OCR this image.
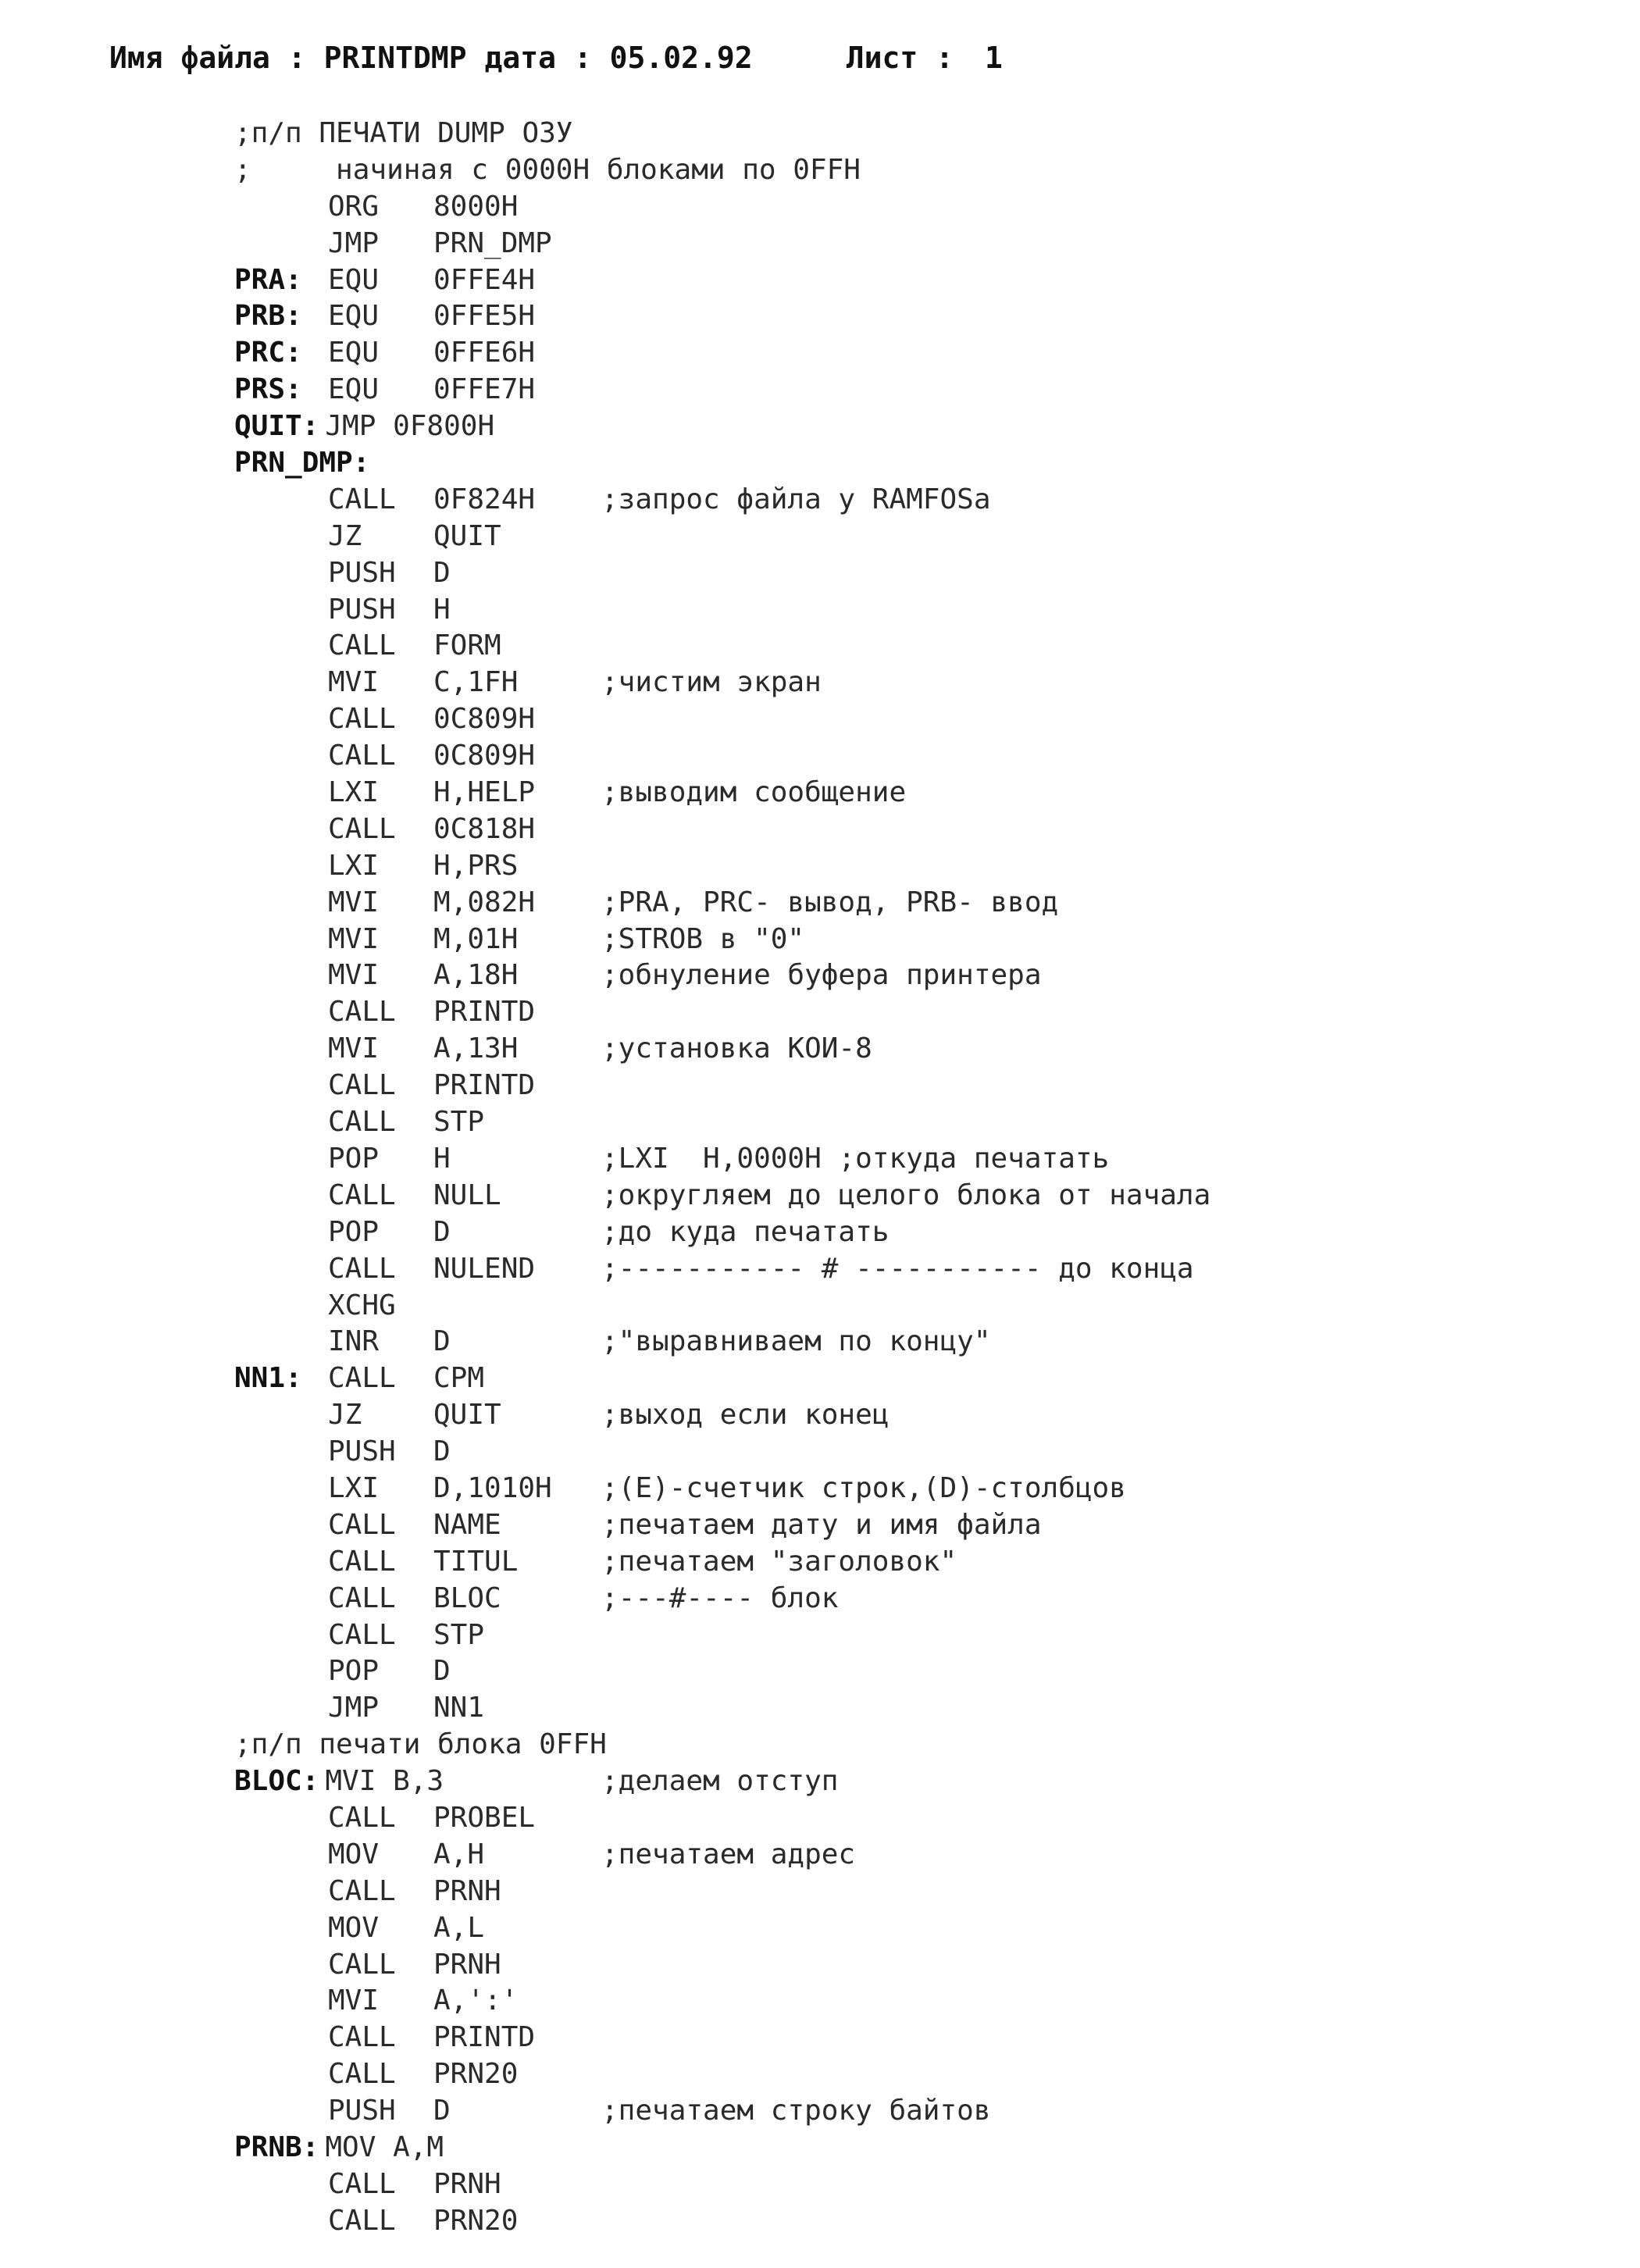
Имя файла :
PRINTDMP
дата :
05.02.92	Лист : 1
;п/п ПЕЧАТИ DUMP ОЗУ
;     начиная с 0000H блоками по 0FFH
ORG 8000H
JMP PRN_DMP
PRA: EQU 0FFE4H
PRB: EQU 0FFE5H
PRC: EQU 0FFE6H
PRS: EQU 0FFE7H
QUIT: JMP 0F800H
PRN_DMP:
CALL 0F824H ;запрос файла у RAMFOSа
JZ	QUIT
PUSH D
PUSH H
CALL FORM
MVI C,1FH	;чистим экран
CALL 0C809H
CALL 0C809H
LXI H,HELP ;выводим сообщение
CALL 0C818H
LXI H,PRS
MVI M,082H ;PRA, PRC- вывод, PRB- ввод
MVI M,01H	;STROB в "0"
MVI A,18H	;обнуление буфера принтера
CALL PRINTD
MVI A,13H	;установка КОИ-8
CALL PRINTD
CALL STP
POP H	;LXI  H,0000H ;откуда печатать
CALL NULL	;округляем до целого блока от начала
POP D	;до куда печатать
CALL NULEND ;----------- # ----------- до конца
XCHG
INR D	;"выравниваем по концу"
NN1: CALL CPM
JZ	QUIT	;выход если конец
PUSH D
LXI D,1010H ;(E)-счетчик строк,(D)-столбцов
CALL NAME	;печатаем дату и имя файла
CALL TITUL	;печатаем "заголовок"
CALL BLOC	;---#---- блок
CALL STP
POP D
JMP NN1
;п/п печати блока 0FFH
BLOC: MVI B,3	;делаем отступ
CALL PROBEL
MOV A,H	;печатаем адрес
CALL PRNH
MOV A,L
CALL PRNH
MVI A,':'
CALL PRINTD
CALL PRN20
PUSH D	;печатаем строку байтов
PRNB: MOV A,M
CALL PRNH
CALL PRN20
